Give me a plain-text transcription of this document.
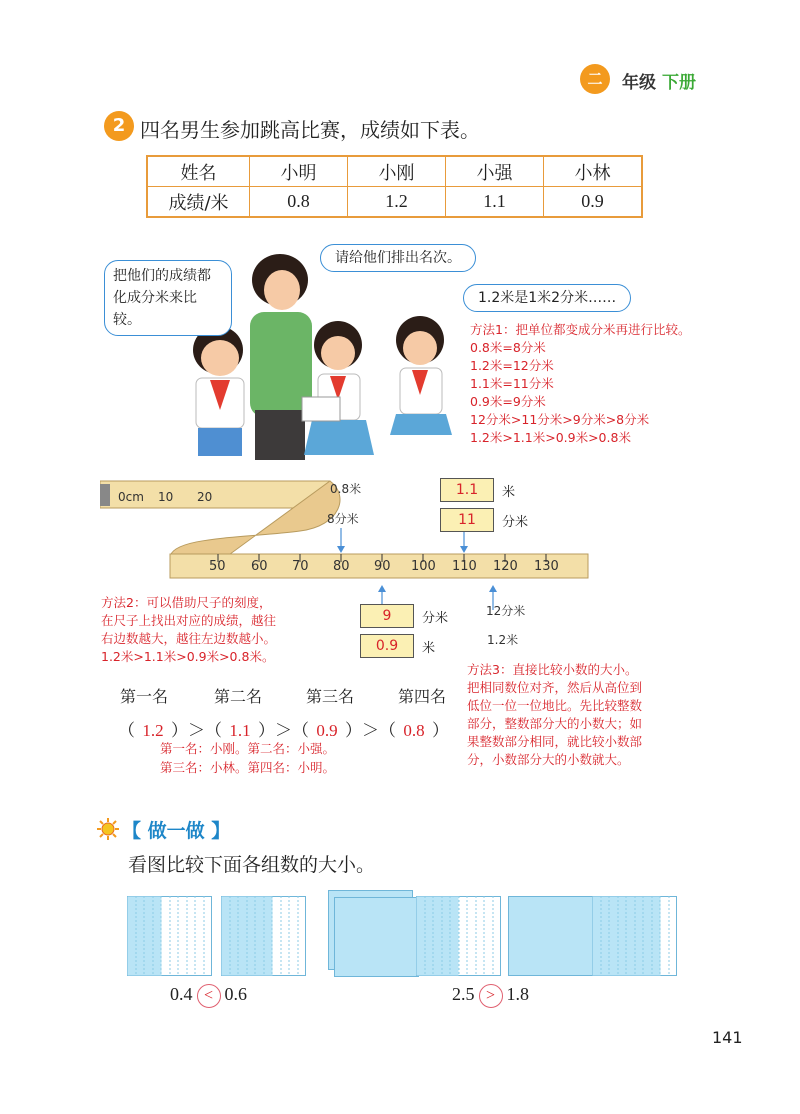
二	年级 下册
2 四名男生参加跳高比赛，成绩如下表。
姓名	小明	小刚	小强	小林
成绩/米	0.8	1.2	1.1	0.9
把他们的成绩都化成分米来比较。
请给他们排出名次。
1.2米是1米2分米……
方法1：把单位都变成分米再进行比较。
0.8米=8分米
1.2米=12分米
1.1米=11分米
0.9米=9分米
12分米>11分米>9分米>8分米
1.2米>1.1米>0.9米>0.8米
0cm 10 20
50 60 70 80 90 100 110 120 130
0.8米
8分米
1.1	米
11	分米
9	分米
0.9	米
12分米
1.2米
方法2：可以借助尺子的刻度，
在尺子上找出对应的成绩，越往
右边数越大，越往左边数越小。
1.2米>1.1米>0.9米>0.8米。
方法3：直接比较小数的大小。
把相同数位对齐，然后从高位到
低位一位一位地比。先比较整数
部分，整数部分大的小数大；如
果整数部分相同，就比较小数部
分，小数部分大的小数就大。
第一名	第二名	第三名	第四名
（ 1.2 ）＞（ 1.1 ）＞（ 0.9 ）＞（ 0.8 ）
第一名：小刚。第二名：小强。
第三名：小林。第四名：小明。
【 做一做 】
看图比较下面各组数的大小。
0.4 < 0.6	2.5 > 1.8
141
